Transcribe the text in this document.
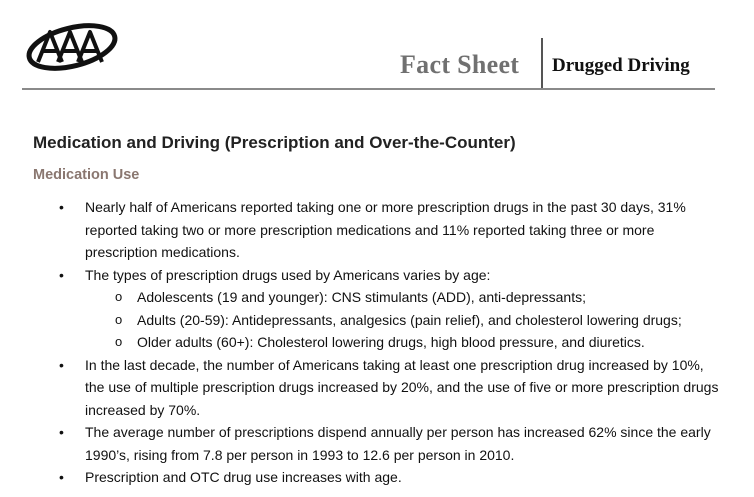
Fact Sheet Drugged Driving
Medication and Driving (Prescription and Over-the-Counter)
Medication Use
• Nearly half of Americans reported taking one or more prescription drugs in the past 30 days, 31% reported taking two or more prescription medications and 11% reported taking three or more prescription medications.
• The types of prescription drugs used by Americans varies by age:
o Adolescents (19 and younger): CNS stimulants (ADD), anti-depressants;
o Adults (20-59): Antidepressants, analgesics (pain relief), and cholesterol lowering drugs;
o Older adults (60+): Cholesterol lowering drugs, high blood pressure, and diuretics.
• In the last decade, the number of Americans taking at least one prescription drug increased by 10%, the use of multiple prescription drugs increased by 20%, and the use of five or more prescription drugs increased by 70%.
• The average number of prescriptions dispend annually per person has increased 62% since the early 1990’s, rising from 7.8 per person in 1993 to 12.6 per person in 2010.
• Prescription and OTC drug use increases with age.
